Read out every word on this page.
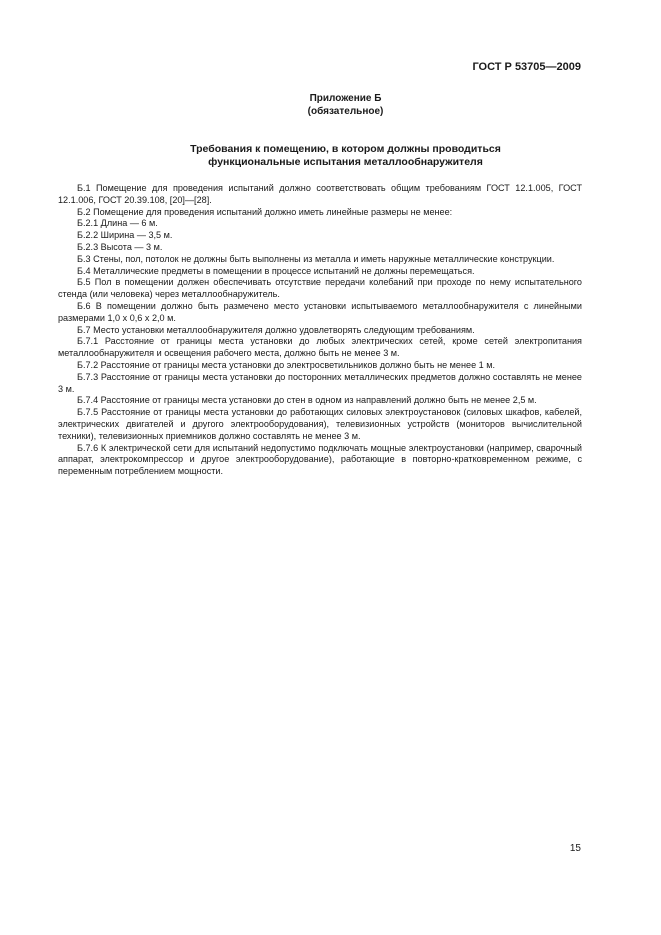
ГОСТ Р 53705—2009
Приложение Б
(обязательное)
Требования к помещению, в котором должны проводиться
функциональные испытания металлообнаружителя

Б.1 Помещение для проведения испытаний должно соответствовать общим требованиям ГОСТ 12.1.005, ГОСТ 12.1.006, ГОСТ 20.39.108, [20]—[28].

Б.2 Помещение для проведения испытаний должно иметь линейные размеры не менее:

Б.2.1 Длина — 6 м.

Б.2.2 Ширина — 3,5 м.

Б.2.3 Высота — 3 м.

Б.3 Стены, пол, потолок не должны быть выполнены из металла и иметь наружные металлические конструкции.

Б.4 Металлические предметы в помещении в процессе испытаний не должны перемещаться.

Б.5 Пол в помещении должен обеспечивать отсутствие передачи колебаний при проходе по нему испытательного стенда (или человека) через металлообнаружитель.

Б.6 В помещении должно быть размечено место установки испытываемого металлообнаружителя с линейными размерами 1,0 х 0,6 х 2,0 м.

Б.7 Место установки металлообнаружителя должно удовлетворять следующим требованиям.

Б.7.1 Расстояние от границы места установки до любых электрических сетей, кроме сетей электропитания металлообнаружителя и освещения рабочего места, должно быть не менее 3 м.

Б.7.2 Расстояние от границы места установки до электросветильников должно быть не менее 1 м.

Б.7.3 Расстояние от границы места установки до посторонних металлических предметов должно составлять не менее 3 м.

Б.7.4 Расстояние от границы места установки до стен в одном из направлений должно быть не менее 2,5 м.

Б.7.5 Расстояние от границы места установки до работающих силовых электроустановок (силовых шкафов, кабелей, электрических двигателей и другого электрооборудования), телевизионных устройств (мониторов вычислительной техники), телевизионных приемников должно составлять не менее 3 м.

Б.7.6 К электрической сети для испытаний недопустимо подключать мощные электроустановки (например, сварочный аппарат, электрокомпрессор и другое электрооборудование), работающие в повторно-кратковременном режиме, с переменным потреблением мощности.

15
